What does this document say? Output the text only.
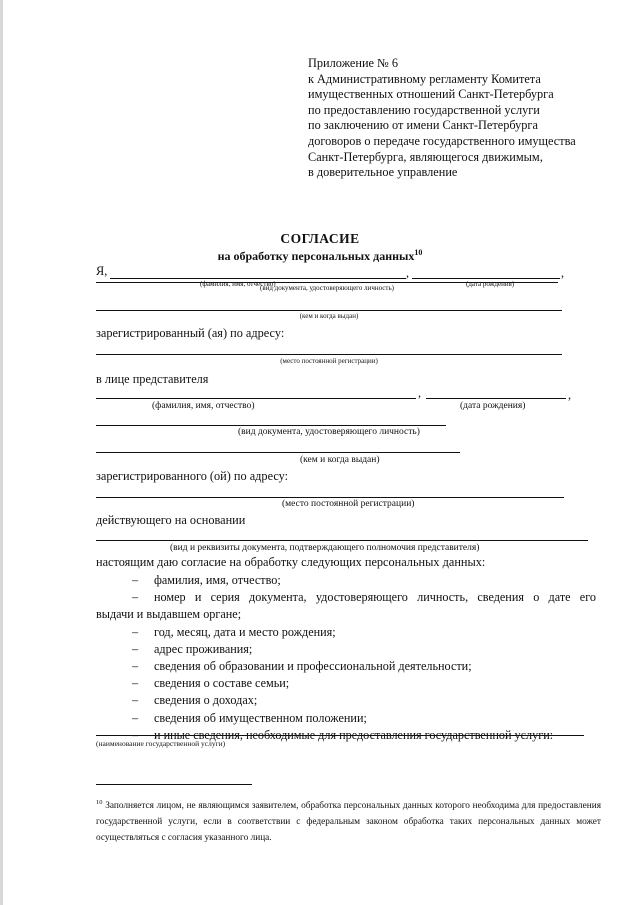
Приложение № 6
к Административному регламенту Комитета
имущественных отношений Санкт-Петербурга
по предоставлению государственной услуги
по заключению от имени Санкт-Петербурга
договоров о передаче государственного имущества
Санкт-Петербурга, являющегося движимым,
в доверительное управление
СОГЛАСИЕ
на обработку персональных данных$^{10}$
Я,	,	,
(фамилия, имя, отчество)	(дата рождения)
(вид документа, удостоверяющего личность)
(кем и когда выдан)
зарегистрированный (ая) по адресу:
(место постоянной регистрации)
в лице представителя
,	,
(фамилия, имя, отчество)	(дата рождения)
(вид документа, удостоверяющего личность)
(кем и когда выдан)
зарегистрированного (ой) по адресу:
(место постоянной регистрации)
действующего на основании
(вид и реквизиты документа, подтверждающего полномочия представителя)
настоящим даю согласие на обработку следующих персональных данных:
–	фамилия, имя, отчество;
–	номер и серия документа, удостоверяющего личность, сведения о дате его
выдачи и выдавшем органе;
–	год, месяц, дата и место рождения;
–	адрес проживания;
–	сведения об образовании и профессиональной деятельности;
–	сведения о составе семьи;
–	сведения о доходах;
–	сведения об имущественном положении;
–	и иные сведения, необходимые для предоставления государственной услуги:
(наименование государственной услуги)
$^{10}$ Заполняется лицом, не являющимся заявителем, обработка персональных данных которого необходима для предоставления государственной услуги, если в соответствии с федеральным законом обработка таких персональных данных может осуществляться с согласия указанного лица.
